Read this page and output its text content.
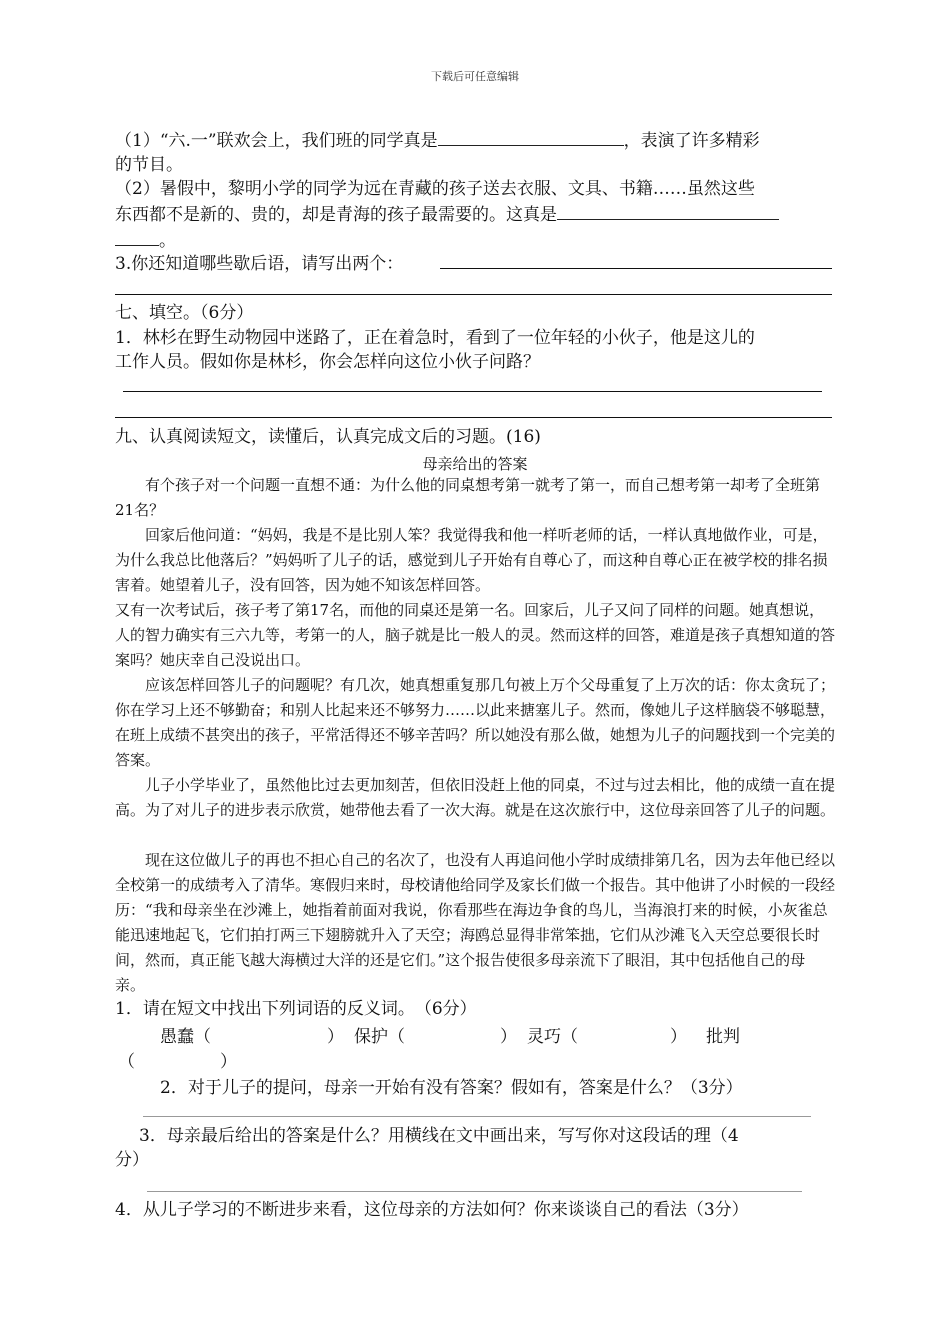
下载后可任意编辑
（1）“六.一”联欢会上，我们班的同学真是	，表演了许多精彩
的节目。
（2）暑假中，黎明小学的同学为远在青藏的孩子送去衣服、文具、书籍……虽然这些
东西都不是新的、贵的，却是青海的孩子最需要的。这真是
。
3.你还知道哪些歇后语，请写出两个：
七、填空。（6分）
1．林杉在野生动物园中迷路了，正在着急时，看到了一位年轻的小伙子，他是这儿的
工作人员。假如你是林杉，你会怎样向这位小伙子问路？
九、认真阅读短文，读懂后，认真完成文后的习题。(16)
母亲给出的答案
有个孩子对一个问题一直想不通：为什么他的同桌想考第一就考了第一，而自己想考第一却考了全班第21名？
回家后他问道：“妈妈，我是不是比别人笨？我觉得我和他一样听老师的话，一样认真地做作业，可是，为什么我总比他落后？”妈妈听了儿子的话，感觉到儿子开始有自尊心了，而这种自尊心正在被学校的排名损害着。她望着儿子，没有回答，因为她不知该怎样回答。
又有一次考试后，孩子考了第17名，而他的同桌还是第一名。回家后，儿子又问了同样的问题。她真想说，人的智力确实有三六九等，考第一的人，脑子就是比一般人的灵。然而这样的回答，难道是孩子真想知道的答案吗？她庆幸自己没说出口。
应该怎样回答儿子的问题呢？有几次，她真想重复那几句被上万个父母重复了上万次的话：你太贪玩了；你在学习上还不够勤奋；和别人比起来还不够努力……以此来搪塞儿子。然而，像她儿子这样脑袋不够聪慧，在班上成绩不甚突出的孩子，平常活得还不够辛苦吗？所以她没有那么做，她想为儿子的问题找到一个完美的答案。
儿子小学毕业了，虽然他比过去更加刻苦，但依旧没赶上他的同桌，不过与过去相比，他的成绩一直在提高。为了对儿子的进步表示欣赏，她带他去看了一次大海。就是在这次旅行中，这位母亲回答了儿子的问题。
现在这位做儿子的再也不担心自己的名次了，也没有人再追问他小学时成绩排第几名，因为去年他已经以全校第一的成绩考入了清华。寒假归来时，母校请他给同学及家长们做一个报告。其中他讲了小时候的一段经历：“我和母亲坐在沙滩上，她指着前面对我说，你看那些在海边争食的鸟儿，当海浪打来的时候，小灰雀总能迅速地起飞，它们拍打两三下翅膀就升入了天空；海鸥总显得非常笨拙，它们从沙滩飞入天空总要很长时间，然而，真正能飞越大海横过大洋的还是它们。”这个报告使很多母亲流下了眼泪，其中包括他自己的母亲。
1．请在短文中找出下列词语的反义词。　（6分）
愚蠢（	） 保护（	） 灵巧（	） 批判
（	）
2．对于儿子的提问，母亲一开始有没有答案？假如有，答案是什么？（3分）
3．母亲最后给出的答案是什么？用横线在文中画出来，写写你对这段话的理（4
分）
4．从儿子学习的不断进步来看，这位母亲的方法如何？你来谈谈自己的看法（3分）
